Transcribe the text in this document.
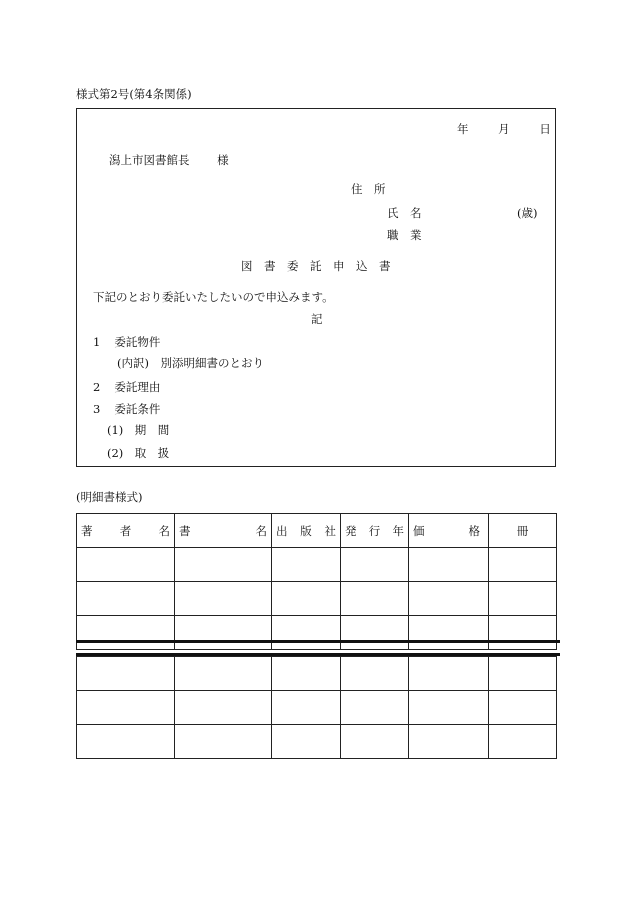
様式第2号(第4条関係)
年	月	日
潟上市図書館長 様
住　所
氏　名	(歳)
職　業
図　書　委　託　申　込　書
下記のとおり委託いたしたいので申込みます。
記
1 委託物件
(内訳)　別添明細書のとおり
2 委託理由
3 委託条件
(1)　期　間
(2)　取　扱
(明細書様式)
著 者 名	書 名	出 版 社	発 行 年	価 格	冊
